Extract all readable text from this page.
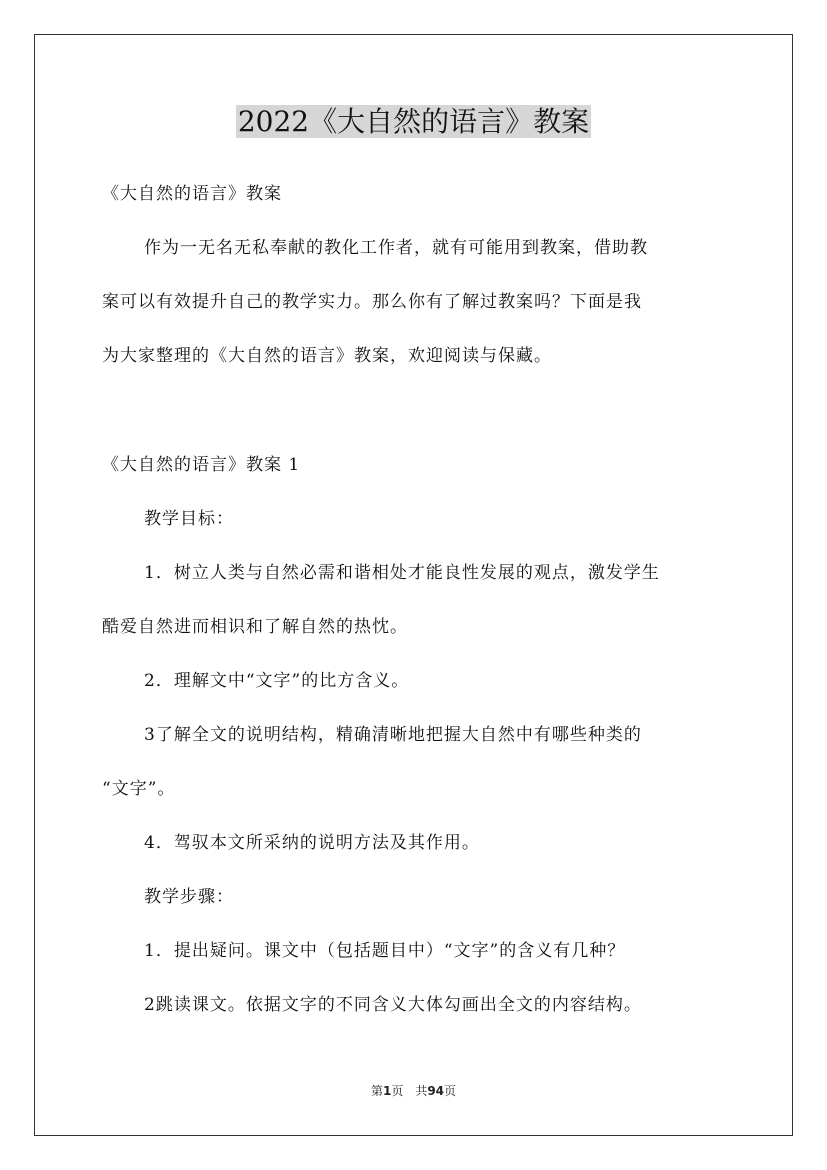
2022《大自然的语言》教案
《大自然的语言》教案
作为一无名无私奉献的教化工作者，就有可能用到教案，借助教
案可以有效提升自己的教学实力。那么你有了解过教案吗？下面是我
为大家整理的《大自然的语言》教案，欢迎阅读与保藏。
《大自然的语言》教案 1
教学目标：
1．树立人类与自然必需和谐相处才能良性发展的观点，激发学生
酷爱自然进而相识和了解自然的热忱。
2．理解文中“文字”的比方含义。
3了解全文的说明结构，精确清晰地把握大自然中有哪些种类的
“文字”。
4．驾驭本文所采纳的说明方法及其作用。
教学步骤：
1．提出疑问。课文中（包括题目中）“文字”的含义有几种？
2跳读课文。依据文字的不同含义大体勾画出全文的内容结构。
第1页　共94页
